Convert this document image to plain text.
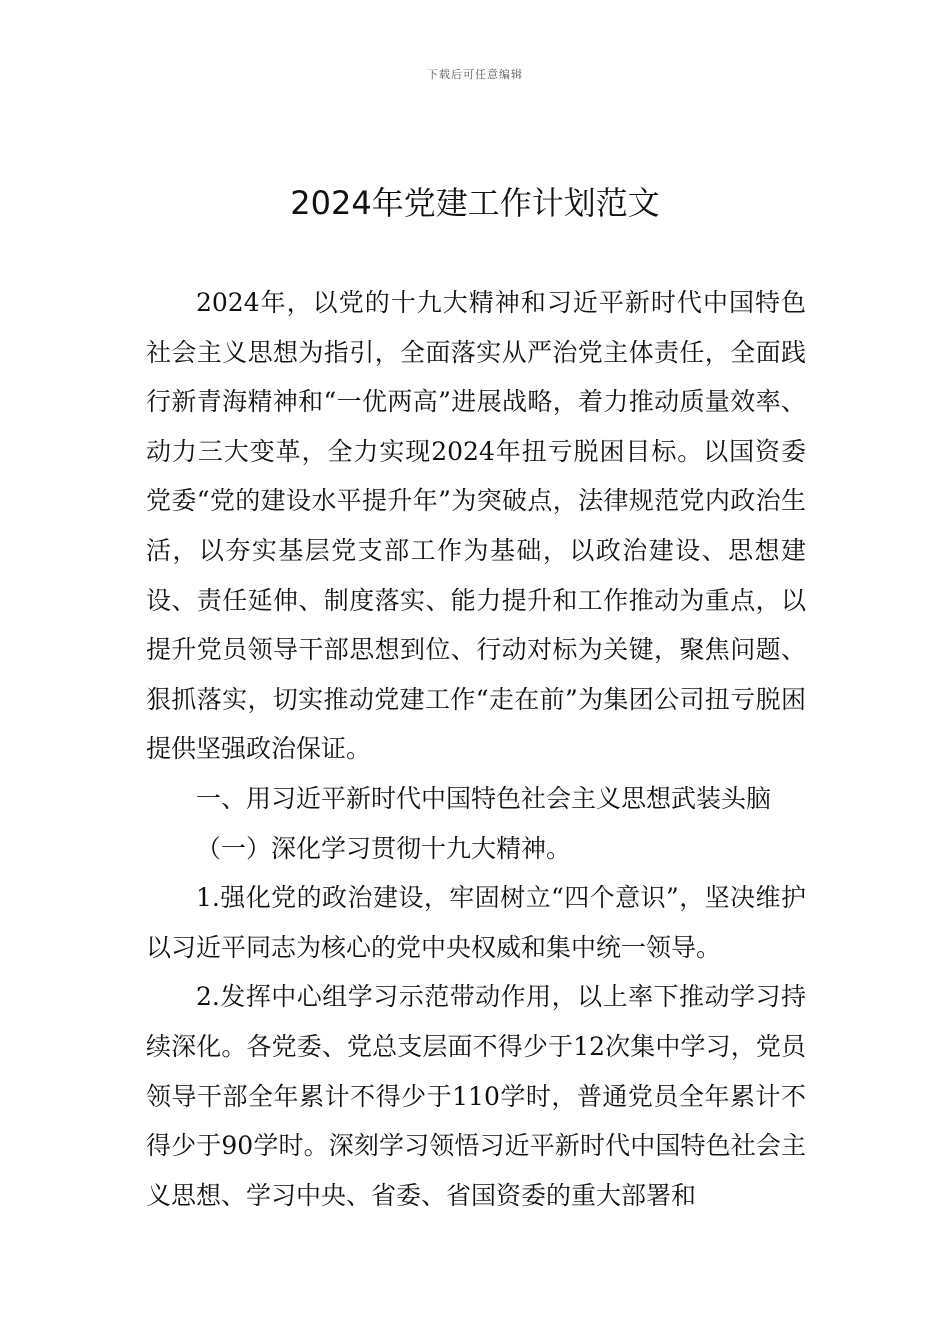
下载后可任意编辑
2024年党建工作计划范文

2024年，以党的十九大精神和习近平新时代中国特色社会主义思想为指引，全面落实从严治党主体责任，全面践行新青海精神和“一优两高”进展战略，着力推动质量效率、动力三大变革，全力实现2024年扭亏脱困目标。以国资委党委“党的建设水平提升年”为突破点，法律规范党内政治生活，以夯实基层党支部工作为基础，以政治建设、思想建设、责任延伸、制度落实、能力提升和工作推动为重点，以提升党员领导干部思想到位、行动对标为关键，聚焦问题、狠抓落实，切实推动党建工作“走在前”为集团公司扭亏脱困提供坚强政治保证。

一、用习近平新时代中国特色社会主义思想武装头脑

（一）深化学习贯彻十九大精神。

1.强化党的政治建设，牢固树立“四个意识”，坚决维护以习近平同志为核心的党中央权威和集中统一领导。

2.发挥中心组学习示范带动作用，以上率下推动学习持续深化。各党委、党总支层面不得少于12次集中学习，党员领导干部全年累计不得少于110学时，普通党员全年累计不得少于90学时。深刻学习领悟习近平新时代中国特色社会主义思想、学习中央、省委、省国资委的重大部署和
